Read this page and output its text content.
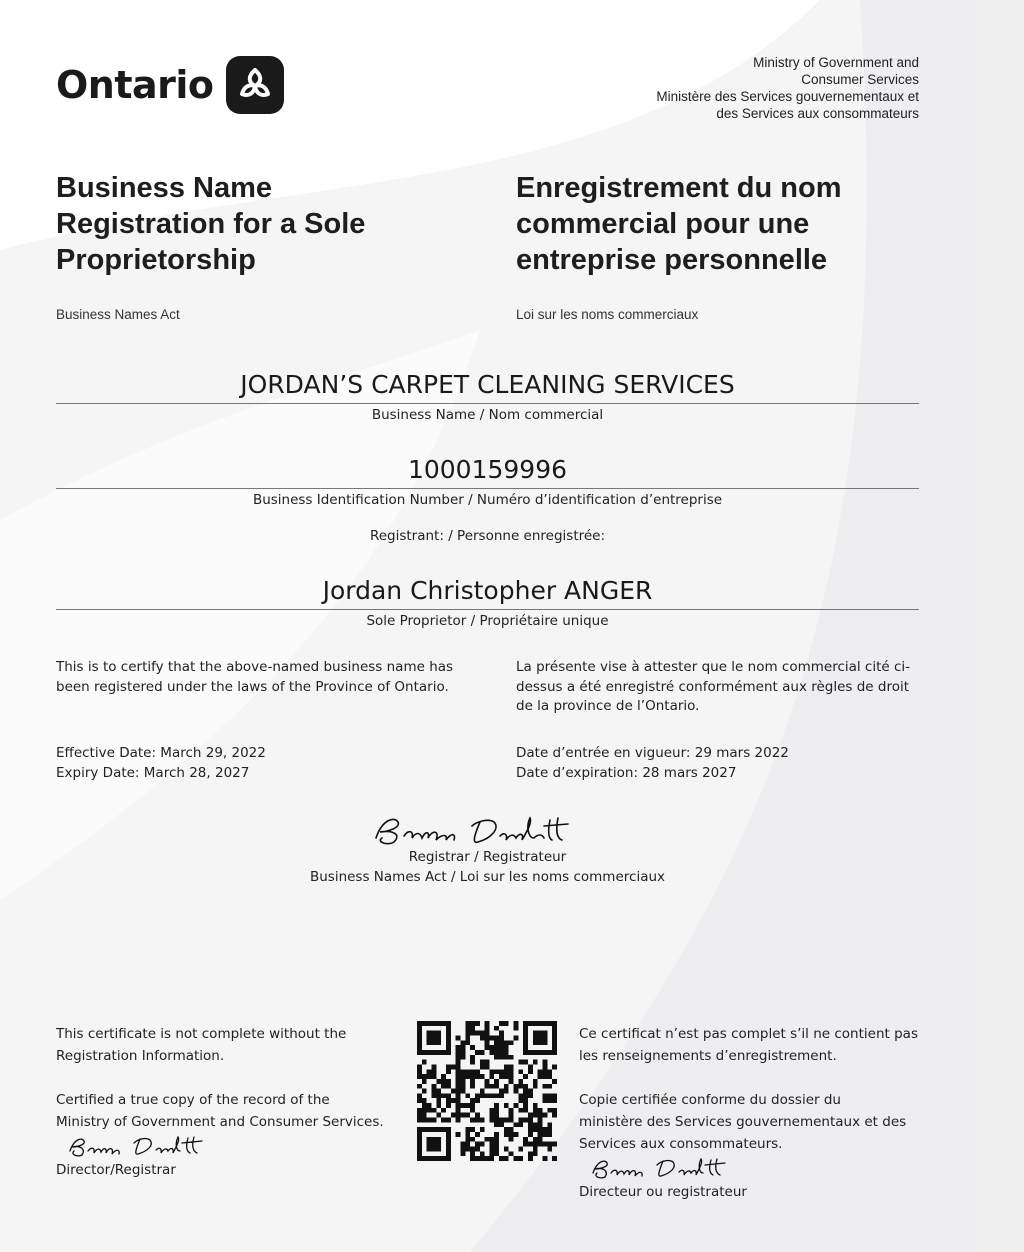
Ontario
Ministry of Government and
Consumer Services
Ministère des Services gouvernementaux et
des Services aux consommateurs
Business Name
Registration for a Sole
Proprietorship
Enregistrement du nom
commercial pour une
entreprise personnelle
Business Names Act	Loi sur les noms commerciaux
JORDAN’S CARPET CLEANING SERVICES
Business Name / Nom commercial
1000159996
Business Identification Number / Numéro d’identification d’entreprise
Registrant: / Personne enregistrée:
Jordan Christopher ANGER
Sole Proprietor / Propriétaire unique
This is to certify that the above-named business name has been registered under the laws of the Province of Ontario.
La présente vise à attester que le nom commercial cité ci-dessus a été enregistré conformément aux règles de droit de la province de l’Ontario.
Effective Date: March 29, 2022
Expiry Date: March 28, 2027
Date d’entrée en vigueur: 29 mars 2022
Date d’expiration: 28 mars 2027
Registrar / Registrateur
Business Names Act / Loi sur les noms commerciaux

This certificate is not complete without the

Registration Information.

Certified a true copy of the record of the

Ministry of Government and Consumer Services.

Director/Registrar

Ce certificat n’est pas complet s’il ne contient pas

les renseignements d’enregistrement.

Copie certifiée conforme du dossier du

ministère des Services gouvernementaux et des

Services aux consommateurs.

Directeur ou registrateur
